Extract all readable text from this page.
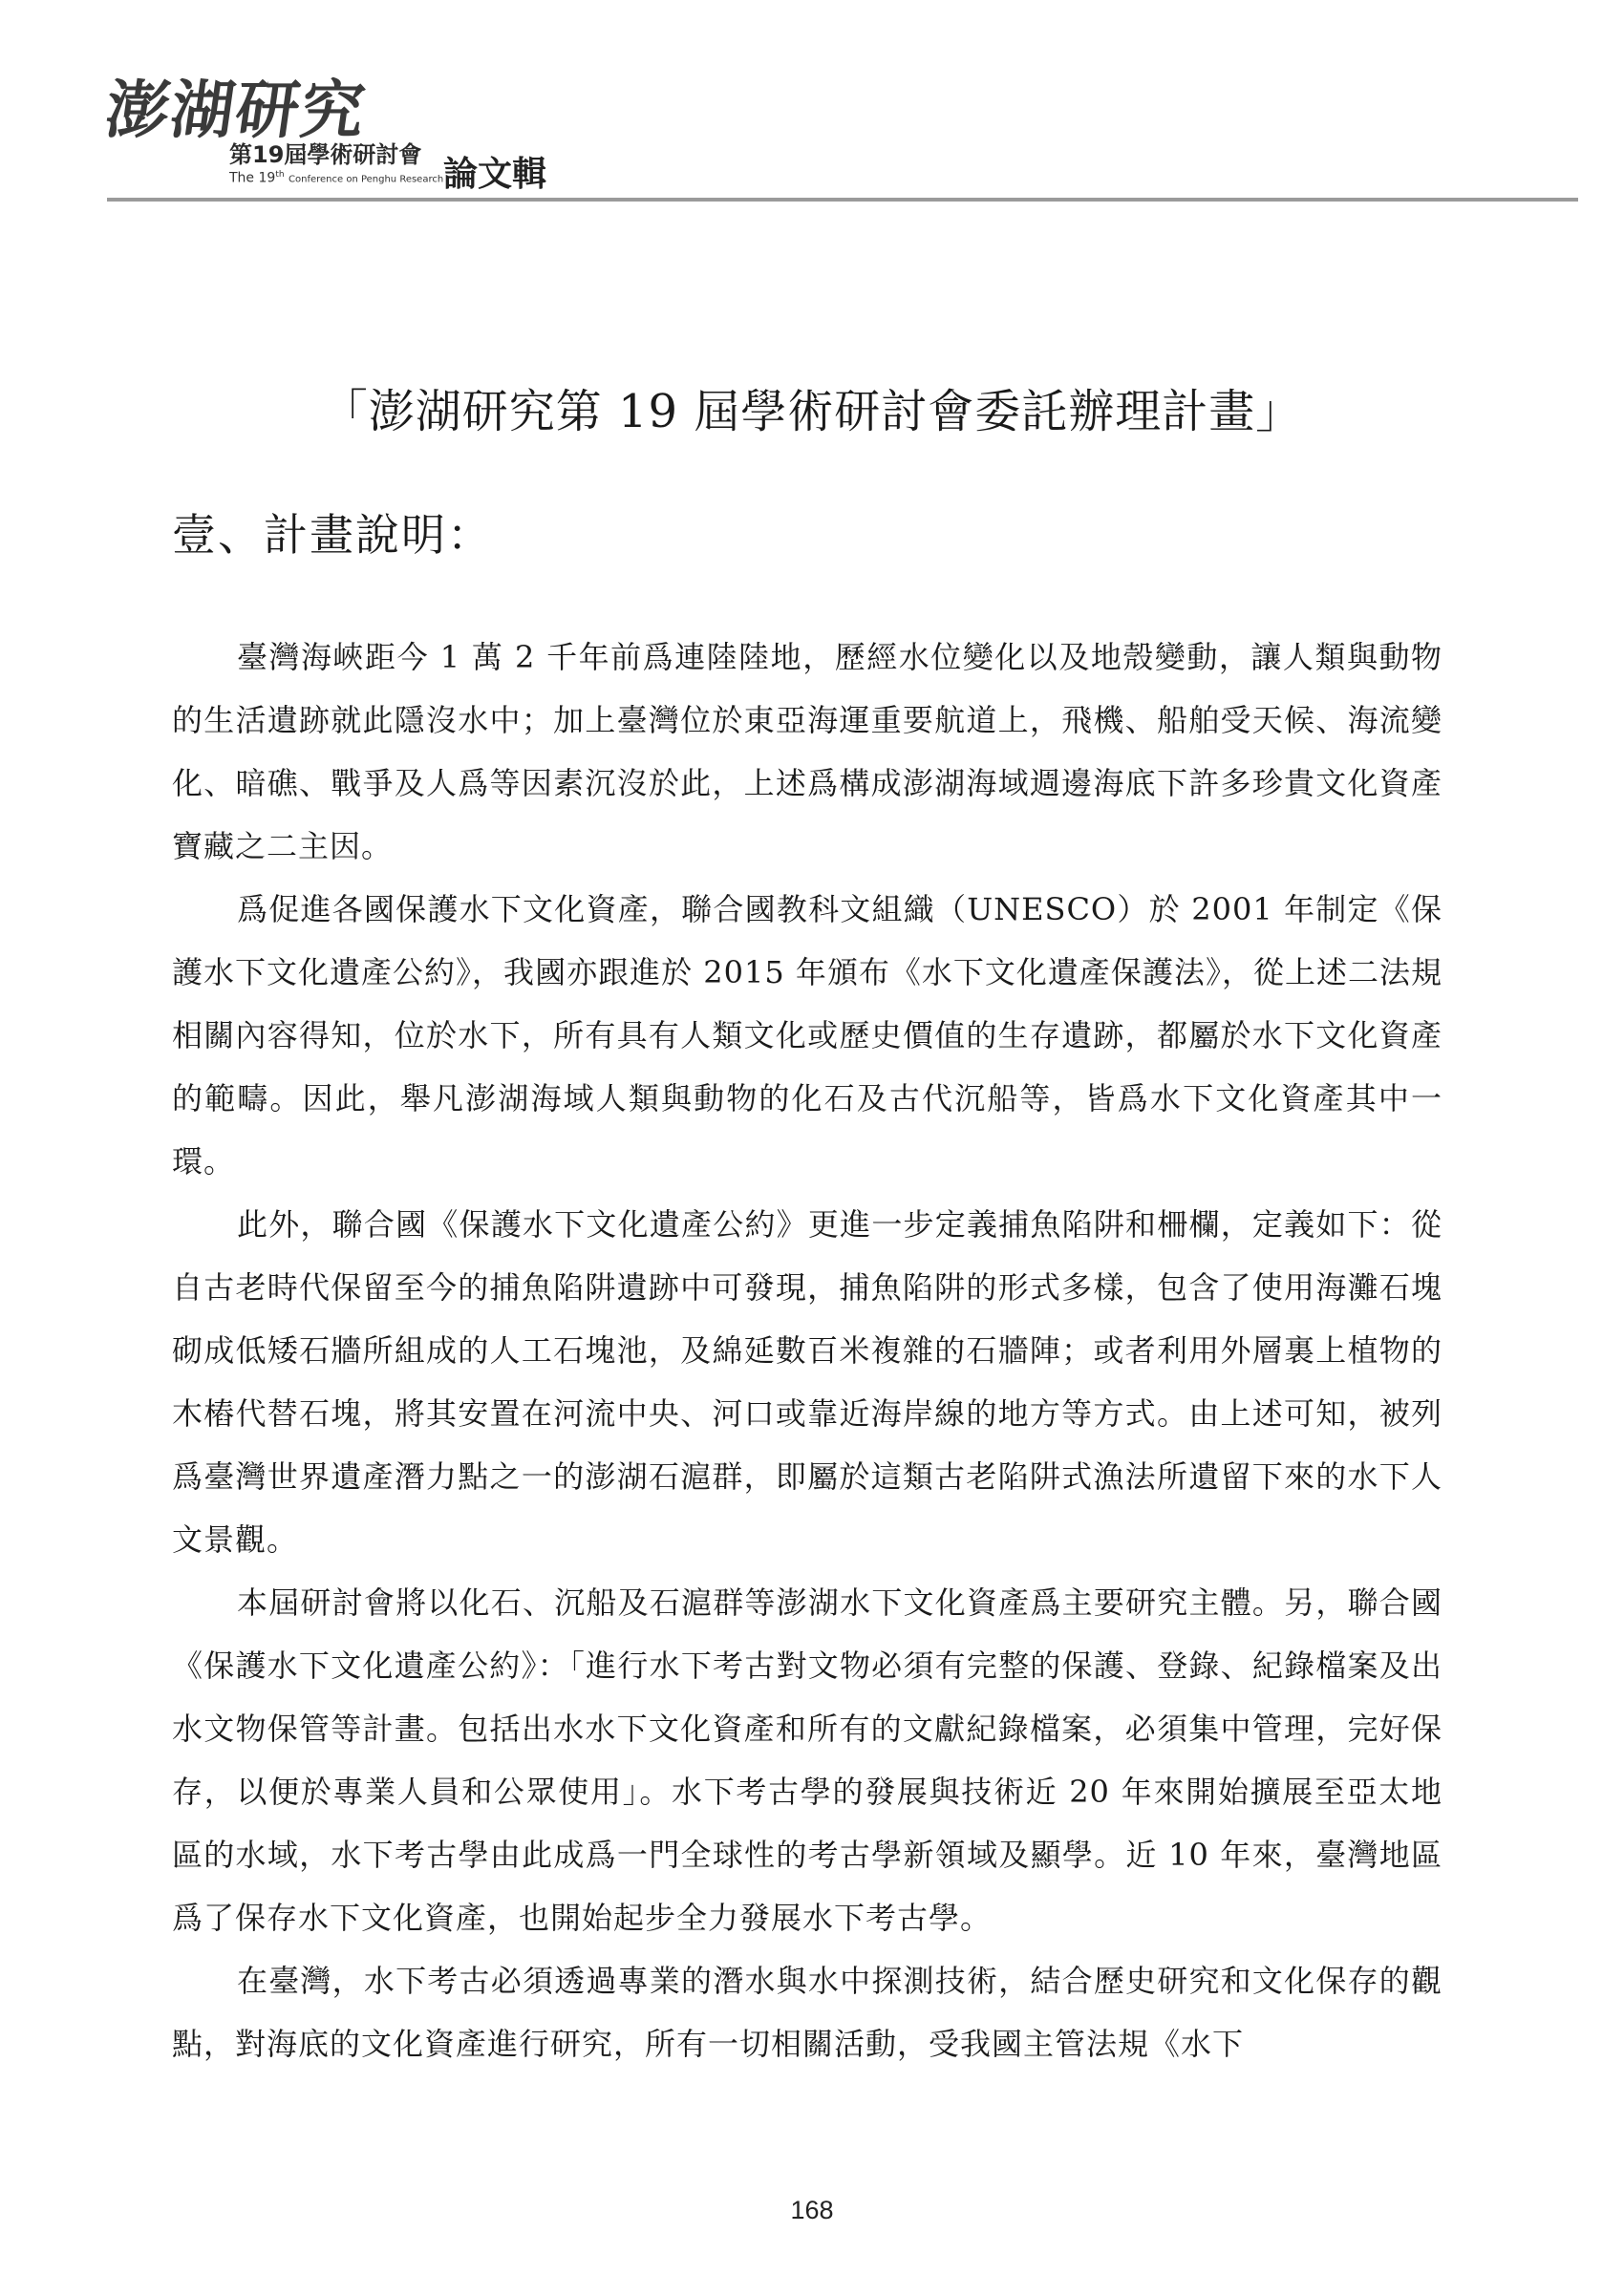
澎湖研究
第19屆學術研討會
The 19th Conference on Penghu Research 論文輯
「澎湖研究第 19 屆學術研討會委託辦理計畫」
壹、計畫說明：

臺灣海峽距今 1 萬 2 千年前爲連陸陸地，歷經水位變化以及地殼變動，讓人類與動物的生活遺跡就此隱沒水中；加上臺灣位於東亞海運重要航道上，飛機、船舶受天候、海流變化、暗礁、戰爭及人爲等因素沉沒於此，上述爲構成澎湖海域週邊海底下許多珍貴文化資產寶藏之二主因。

爲促進各國保護水下文化資產，聯合國教科文組織（UNESCO）於 2001 年制定《保護水下文化遺產公約》，我國亦跟進於 2015 年頒布《水下文化遺產保護法》，從上述二法規相關內容得知，位於水下，所有具有人類文化或歷史價值的生存遺跡，都屬於水下文化資產的範疇。因此，舉凡澎湖海域人類與動物的化石及古代沉船等，皆爲水下文化資產其中一環。

此外，聯合國《保護水下文化遺產公約》更進一步定義捕魚陷阱和柵欄，定義如下：從自古老時代保留至今的捕魚陷阱遺跡中可發現，捕魚陷阱的形式多樣，包含了使用海灘石塊砌成低矮石牆所組成的人工石塊池，及綿延數百米複雜的石牆陣；或者利用外層裏上植物的木樁代替石塊，將其安置在河流中央、河口或靠近海岸線的地方等方式。由上述可知，被列爲臺灣世界遺產潛力點之一的澎湖石滬群，即屬於這類古老陷阱式漁法所遺留下來的水下人文景觀。

本屆研討會將以化石、沉船及石滬群等澎湖水下文化資產爲主要研究主體。另，聯合國《保護水下文化遺產公約》：「進行水下考古對文物必須有完整的保護、登錄、紀錄檔案及出水文物保管等計畫。包括出水水下文化資產和所有的文獻紀錄檔案，必須集中管理，完好保存，以便於專業人員和公眾使用」。水下考古學的發展與技術近 20 年來開始擴展至亞太地區的水域，水下考古學由此成爲一門全球性的考古學新領域及顯學。近 10 年來，臺灣地區爲了保存水下文化資產，也開始起步全力發展水下考古學。

在臺灣，水下考古必須透過專業的潛水與水中探測技術，結合歷史研究和文化保存的觀點，對海底的文化資產進行研究，所有一切相關活動，受我國主管法規《水下

168
